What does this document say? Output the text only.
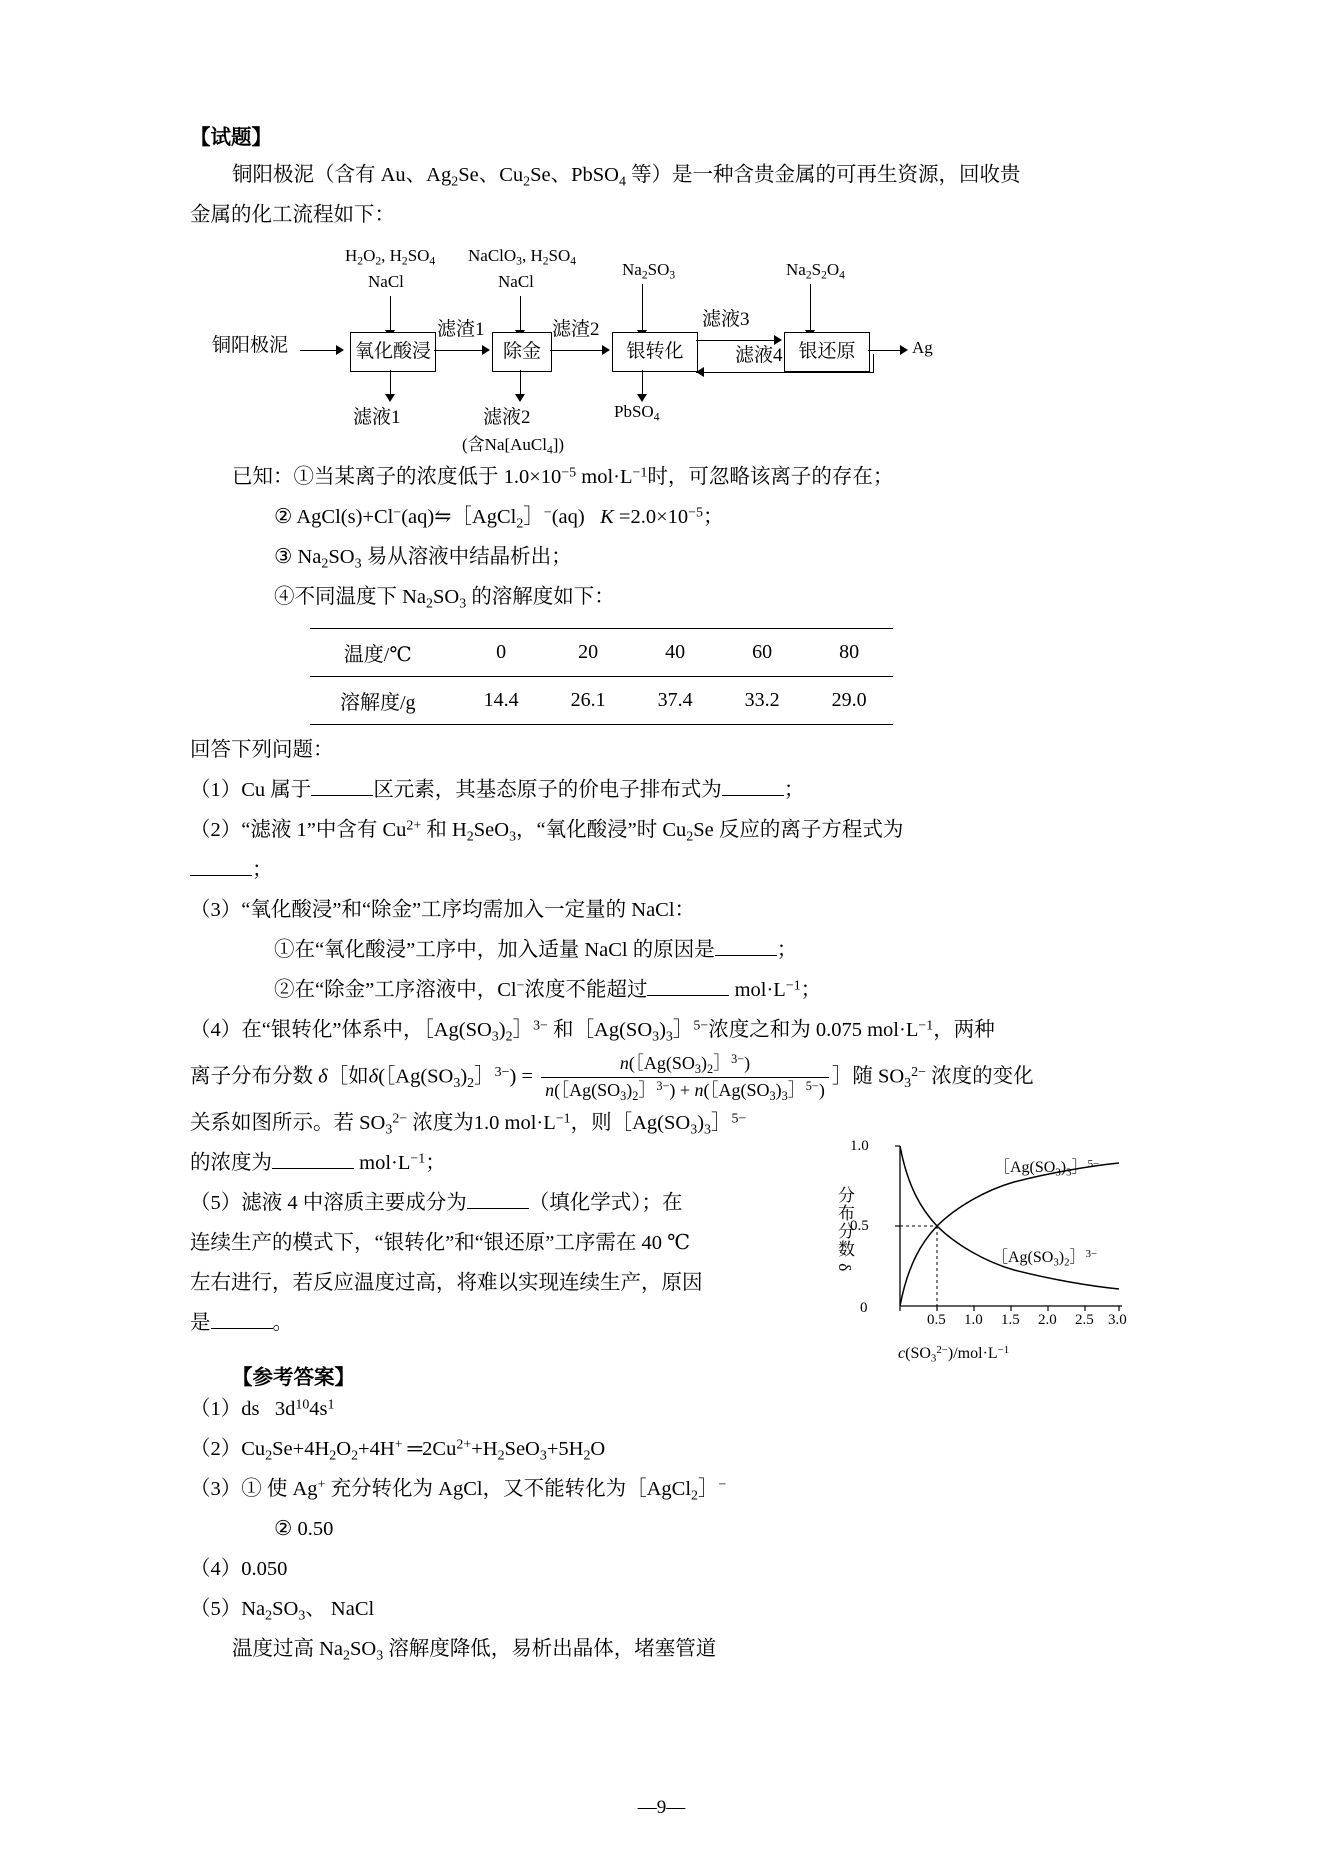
【试题】
铜阳极泥（含有 Au、$Ag_2Se$、$Cu_2Se$、PbSO$_4$ 等）是一种含贵金属的可再生资源，回收贵
金属的化工流程如下：
$H_2O_2$, $H_2SO_4$
NaCl
NaClO$_3$, $H_2SO_4$
NaCl
$Na_2SO_3$	$Na_2S_2O_4$
铜阳极泥	氧化酸浸	除金	银转化	银还原
滤渣1	滤渣2	滤液3
滤液4	Ag
滤液1	滤液2
(含Na[AuCl$_4$])
PbSO$_4$
已知：①当某离子的浓度低于 $1.0\times 10^{-5}$ $mol\cdot L^{-1}$时，可忽略该离子的存在；
② AgCl(s)+Cl−(aq)⇋［AgCl$_2$］−(aq)   $K =2.0\times 10^{-5}$；
③ $Na_2SO_3$ 易从溶液中结晶析出；
④不同温度下 $Na_2SO_3$ 的溶解度如下：
温度/℃	0	20	40	60	80
溶解度/g	14.4	26.1	37.4	33.2	29.0
回答下列问题：
（1）Cu 属于	区元素，其基态原子的价电子排布式为	；
（2）“滤液 1”中含有 $Cu^{2+}$ 和 $H_2SeO_3$，“氧化酸浸”时 $Cu_2Se$ 反应的离子方程式为
；
（3）“氧化酸浸”和“除金”工序均需加入一定量的 NaCl：
①在“氧化酸浸”工序中，加入适量 NaCl 的原因是	；
②在“除金”工序溶液中，Cl−浓度不能超过	$mol\cdot L^{-1}$；
（4）在“银转化”体系中，$[Ag(SO_3)_2]^{3-}$ 和$[Ag(SO_3)_3]^{5-}$浓度之和为 0.075 $mol\cdot L^{-1}$，两种
离子分布分数 δ［如$\delta([Ag(SO_3)_2]^{3-}) = \frac{n([Ag(SO_3)_2]^{3-})}{n([Ag(SO_3)_2]^{3-}) + n([Ag(SO_3)_3]^{5-})}$ ］随 $SO_3^{2-}$ 浓度的变化
关系如图所示。若 $SO_3^{2-}$ 浓度为1.0 $mol\cdot L^{-1}$，则$[Ag(SO_3)_3]^{5-}$
的浓度为	$mol\cdot L^{-1}$；
（5）滤液 4 中溶质主要成分为	（填化学式）；在
连续生产的模式下，“银转化”和“银还原”工序需在 40 ℃
左右进行，若反应温度过高，将难以实现连续生产，原因
是	。
分布分数 δ
1.0
0.5
0
0.5 1.0 1.5 2.0 2.5 3.0
$[Ag(SO_3)_3]^{5-}$
$[Ag(SO_3)_2]^{3-}$
$c(SO_3^{2-})/mol\cdot L^{-1}$
【参考答案】
（1）ds   $3d^{10}4s^1$
$(2)Cu_2Se+4H_2O_2+4H^+$ $═2Cu^{2+}+H_2SeO_3+5H_2O$
（3）① 使 Ag+ 充分转化为 AgCl，又不能转化为［AgCl$_2$］−
② 0.50
（4）0.050
$(5)Na_2SO_3$、 NaCl
温度过高 $Na_2SO_3$ 溶解度降低，易析出晶体，堵塞管道
—9—
